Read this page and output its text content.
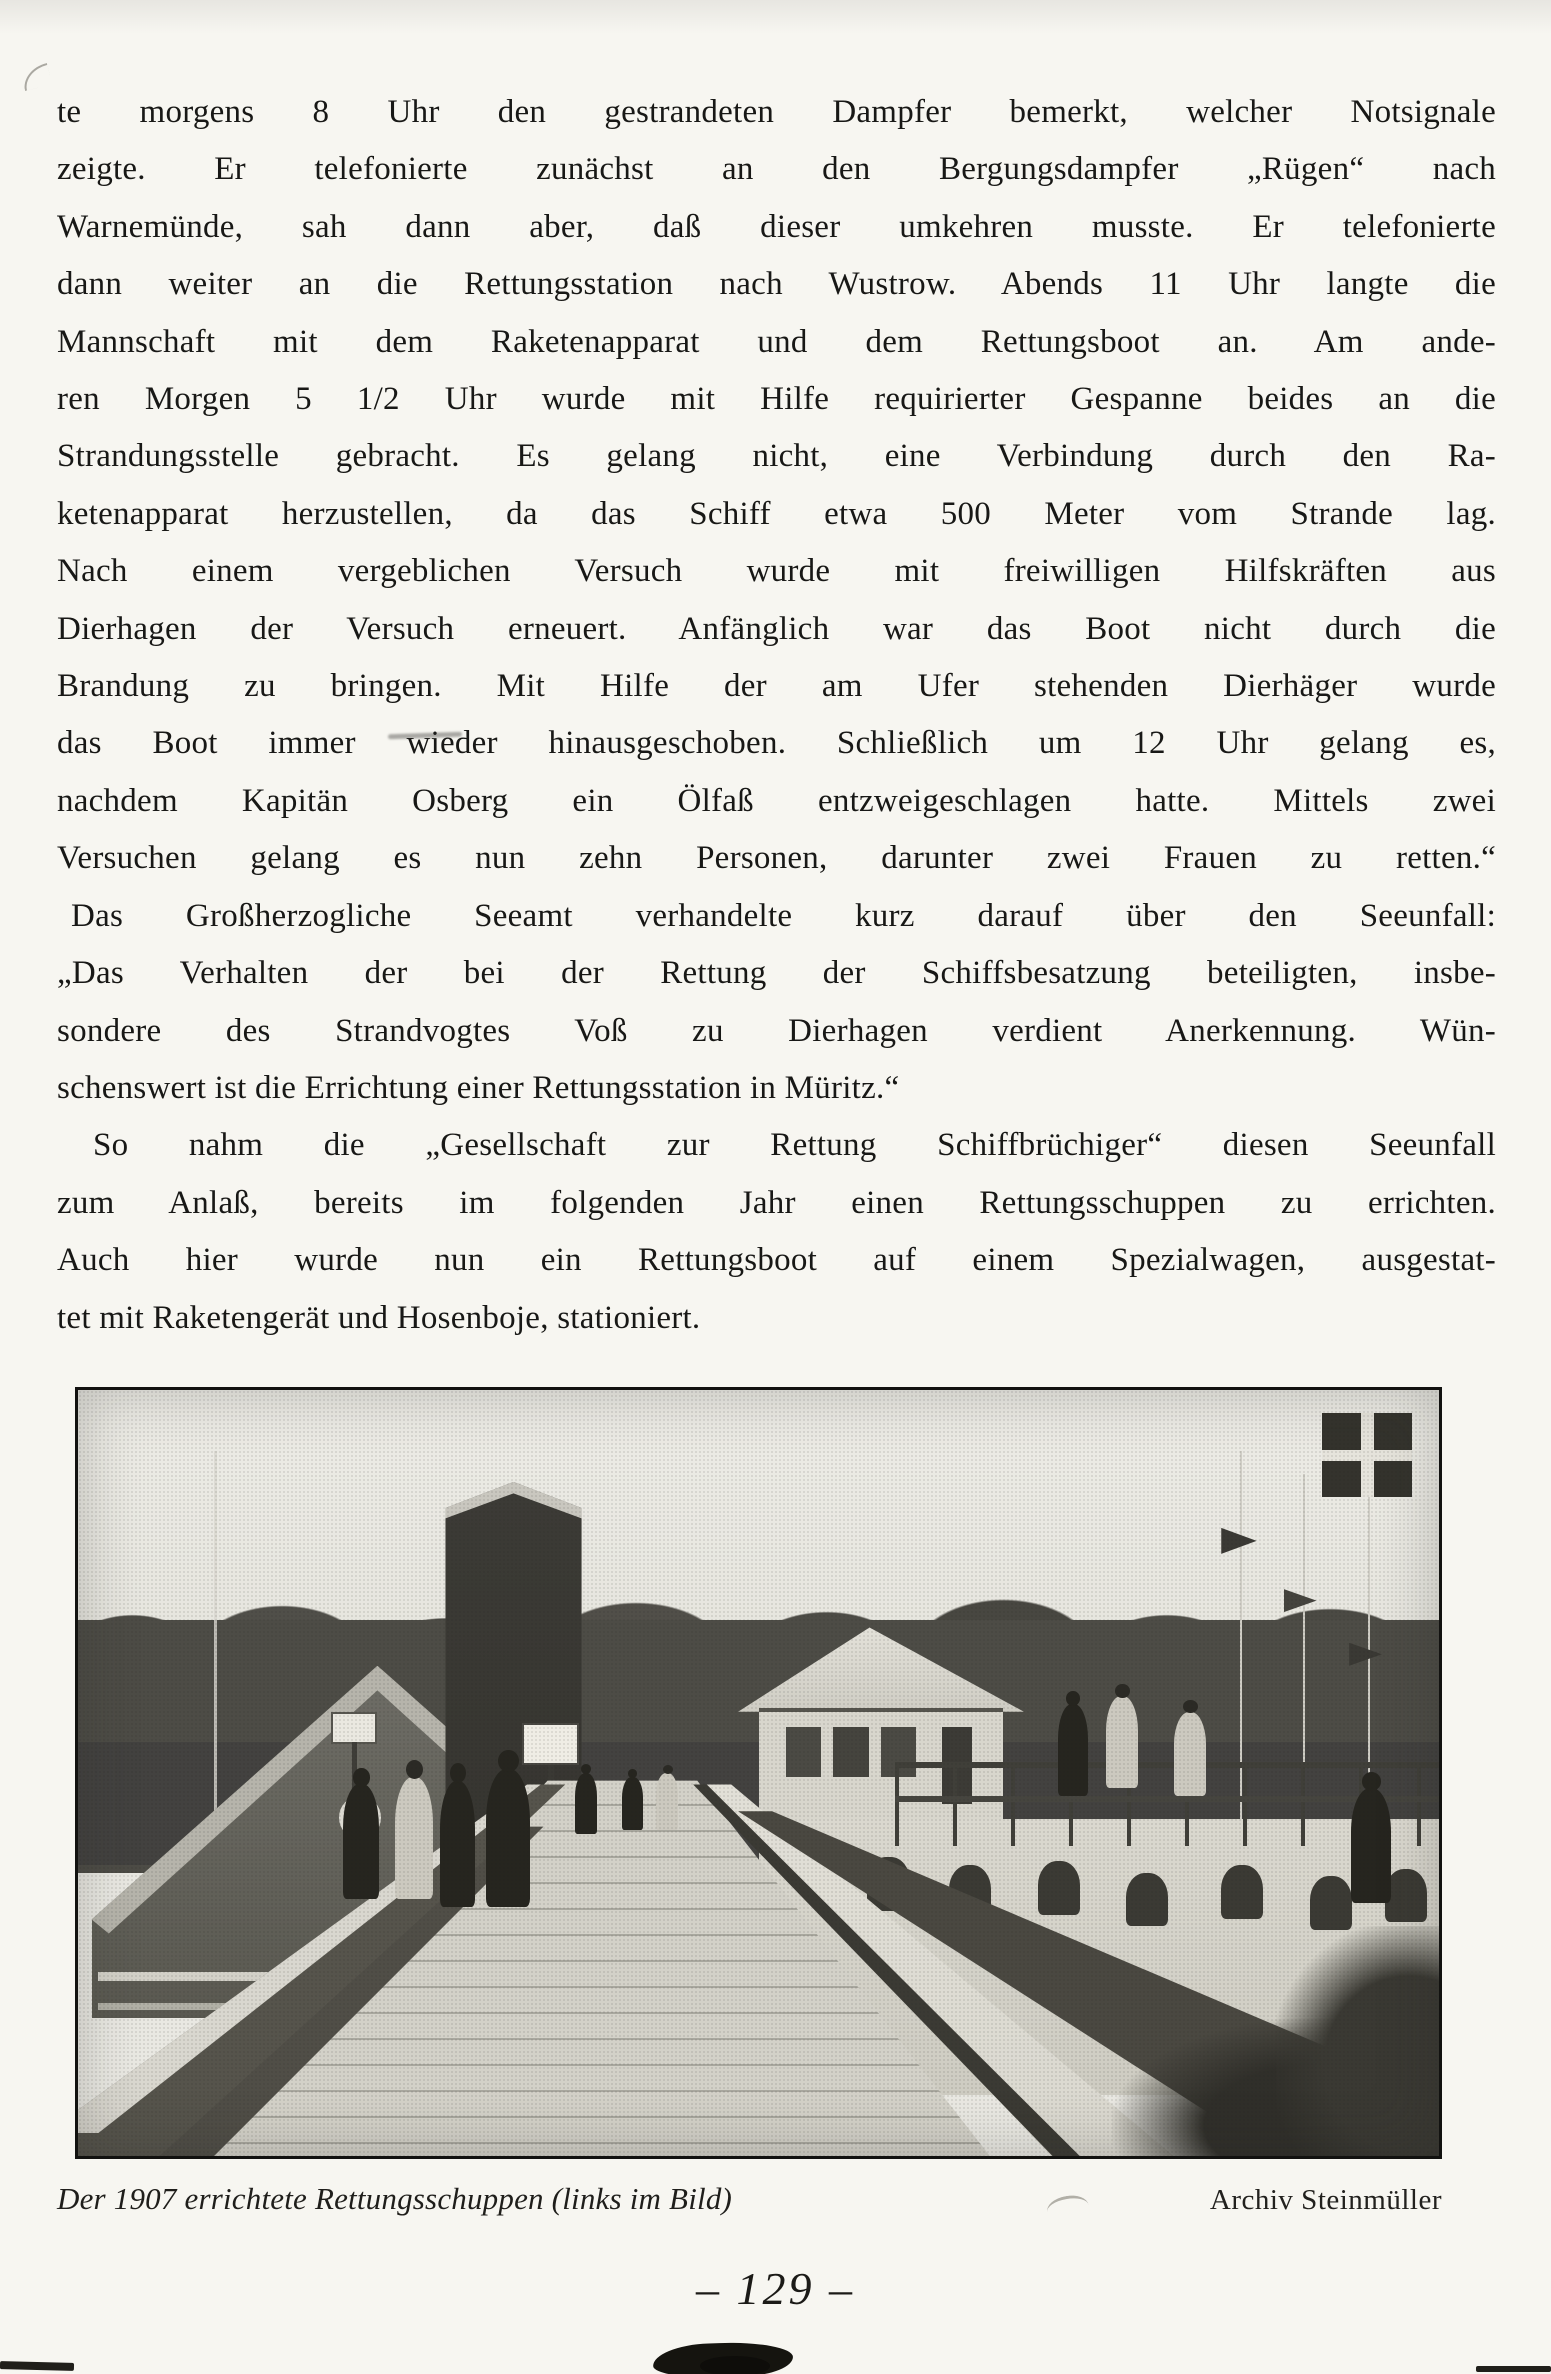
te morgens 8 Uhr den gestrandeten Dampfer bemerkt, welcher Notsignale
zeigte. Er telefonierte zunächst an den Bergungsdampfer „Rügen“ nach
Warnemünde, sah dann aber, daß dieser umkehren musste. Er telefonierte
dann weiter an die Rettungsstation nach Wustrow. Abends 11 Uhr langte die
Mannschaft mit dem Raketenapparat und dem Rettungsboot an. Am ande-
ren Morgen 5 1/2 Uhr wurde mit Hilfe requirierter Gespanne beides an die
Strandungsstelle gebracht. Es gelang nicht, eine Verbindung durch den Ra-
ketenapparat herzustellen, da das Schiff etwa 500 Meter vom Strande lag.
Nach einem vergeblichen Versuch wurde mit freiwilligen Hilfskräften aus
Dierhagen der Versuch erneuert. Anfänglich war das Boot nicht durch die
Brandung zu bringen. Mit Hilfe der am Ufer stehenden Dierhäger wurde
das Boot immer wieder hinausgeschoben. Schließlich um 12 Uhr gelang es,
nachdem Kapitän Osberg ein Ölfaß entzweigeschlagen hatte. Mittels zwei
Versuchen gelang es nun zehn Personen, darunter zwei Frauen zu retten.“
Das Großherzogliche Seeamt verhandelte kurz darauf über den Seeunfall:
„Das Verhalten der bei der Rettung der Schiffsbesatzung beteiligten, insbe-
sondere des Strandvogtes Voß zu Dierhagen verdient Anerkennung. Wün-
schenswert ist die Errichtung einer Rettungsstation in Müritz.“
So nahm die „Gesellschaft zur Rettung Schiffbrüchiger“ diesen Seeunfall
zum Anlaß, bereits im folgenden Jahr einen Rettungsschuppen zu errichten.
Auch hier wurde nun ein Rettungsboot auf einem Spezialwagen, ausgestat-
tet mit Raketengerät und Hosenboje, stationiert.
Der 1907 errichtete Rettungsschuppen (links im Bild)	Archiv Steinmüller
– 129 –
